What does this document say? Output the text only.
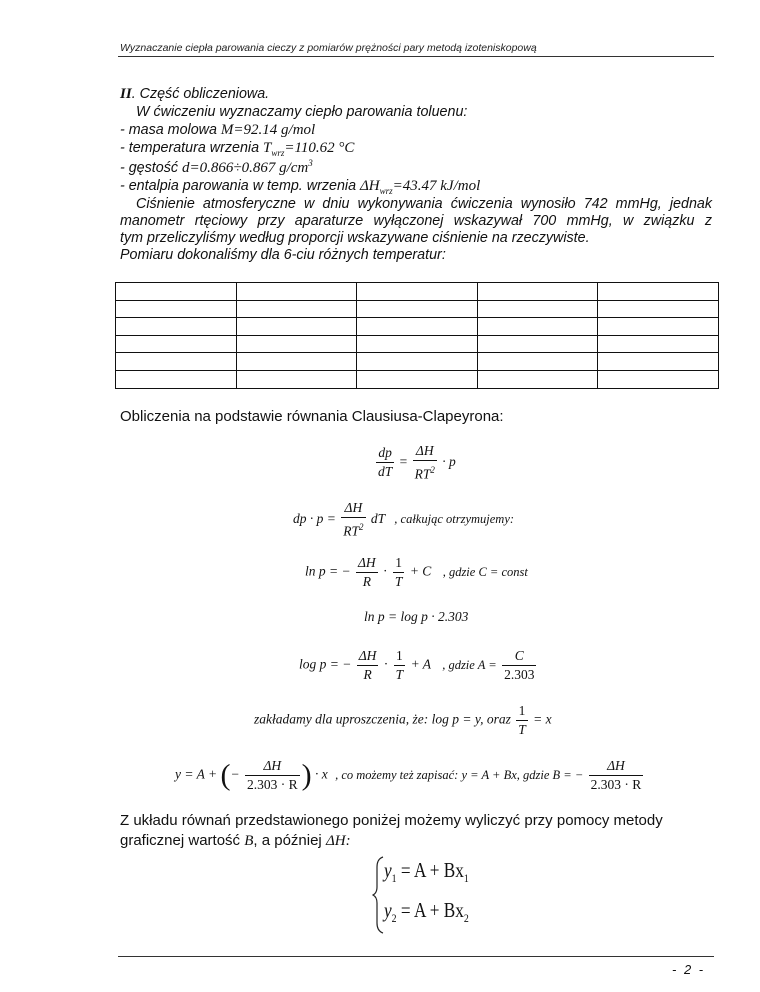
Wyznaczanie ciepła parowania cieczy z pomiarów prężności pary metodą izoteniskopową
II. Część obliczeniowa.
W ćwiczeniu wyznaczamy ciepło parowania toluenu:
- masa molowa M=92.14 g/mol
- temperatura wrzenia $T_{wrz}=110.62$ °C
- gęstość d=0.866÷0.867 $g/cm^3$
- entalpia parowania w temp. wrzenia $\Delta H_{wrz}=43.47$ kJ/mol
Ciśnienie atmosferyczne w dniu wykonywania ćwiczenia wynosiło 742 mmHg, jednak
manometr rtęciowy przy aparaturze wyłączonej wskazywał 700 mmHg, w związku z
tym przeliczyliśmy według proporcji wskazywane ciśnienie na rzeczywiste.
Pomiaru dokonaliśmy dla 6-ciu różnych temperatur:

Obliczenia na podstawie równania Clausiusa-Clapeyrona:
$\frac{dp}{dT} = \frac{\Delta H}{RT^2} \cdot p$
dp · $p = \frac{\Delta H}{RT^2}$ dT , całkując otrzymujemy:
ln p = − $\frac{\Delta H}{R} \cdot \frac{1}{T} + C$ , gdzie C = const
ln p = log p · 2.303
log p = − $\frac{\Delta H}{R} \cdot \frac{1}{T} + A$ , gdzie $A = \frac{C}{2.303}$
zakładamy dla uproszczenia, że: log p = y, oraz $\frac{1}{T} = x$
y = A + (− $\frac{\Delta H}{2.303 \cdot R}$ ) · x , co możemy też zapisać: y = A + Bx, gdzie B = − $\frac{\Delta H}{2.303 \cdot R}$
Z układu równań przedstawionego poniżej możemy wyliczyć przy pomocy metody
graficznej wartość B, a później ΔH:
$y_1 = A + Bx_1$
$y_2 = A + Bx_2$
- 2 -
